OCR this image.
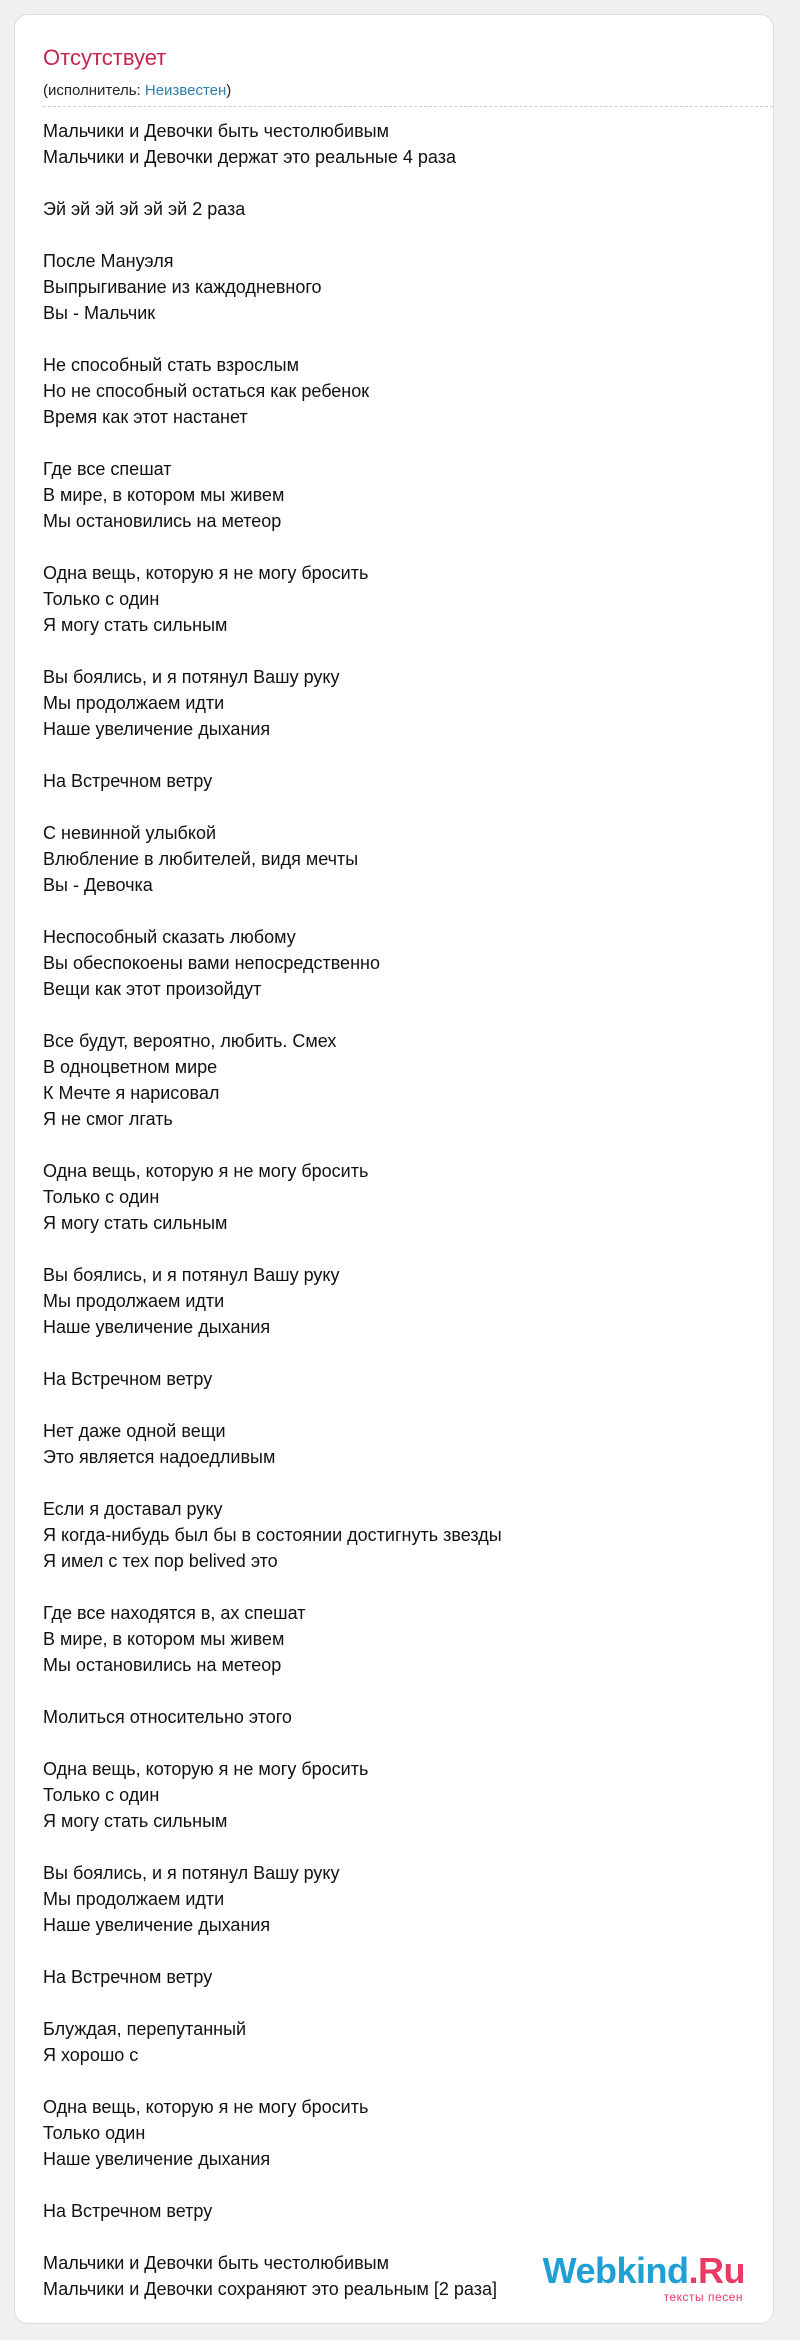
Отсутствует
(исполнитель: Неизвестен)
Мальчики и Девочки быть честолюбивым
Мальчики и Девочки держат это реальные 4 раза
Эй эй эй эй эй эй 2 раза
После Мануэля
Выпрыгивание из каждодневного
Вы - Мальчик
Не способный стать взрослым
Но не способный остаться как ребенок
Время как этот настанет
Где все спешат
В мире, в котором мы живем
Мы остановились на метеор
Одна вещь, которую я не могу бросить
Только с один
Я могу стать сильным
Вы боялись, и я потянул Вашу руку
Мы продолжаем идти
Наше увеличение дыхания
На Встречном ветру
С невинной улыбкой
Влюбление в любителей, видя мечты
Вы - Девочка
Неспособный сказать любому
Вы обеспокоены вами непосредственно
Вещи как этот произойдут
Все будут, вероятно, любить. Смех
В одноцветном мире
К Мечте я нарисовал
Я не смог лгать
Одна вещь, которую я не могу бросить
Только с один
Я могу стать сильным
Вы боялись, и я потянул Вашу руку
Мы продолжаем идти
Наше увеличение дыхания
На Встречном ветру
Нет даже одной вещи
Это является надоедливым
Если я доставал руку
Я когда-нибудь был бы в состоянии достигнуть звезды
Я имел с тех пор belived это
Где все находятся в, ах спешат
В мире, в котором мы живем
Мы остановились на метеор
Молиться относительно этого
Одна вещь, которую я не могу бросить
Только с один
Я могу стать сильным
Вы боялись, и я потянул Вашу руку
Мы продолжаем идти
Наше увеличение дыхания
На Встречном ветру
Блуждая, перепутанный
Я хорошо с
Одна вещь, которую я не могу бросить
Только один
Наше увеличение дыхания
На Встречном ветру
Мальчики и Девочки быть честолюбивым
Мальчики и Девочки сохраняют это реальным [2 раза]	Webkind.Ru
тексты песен
